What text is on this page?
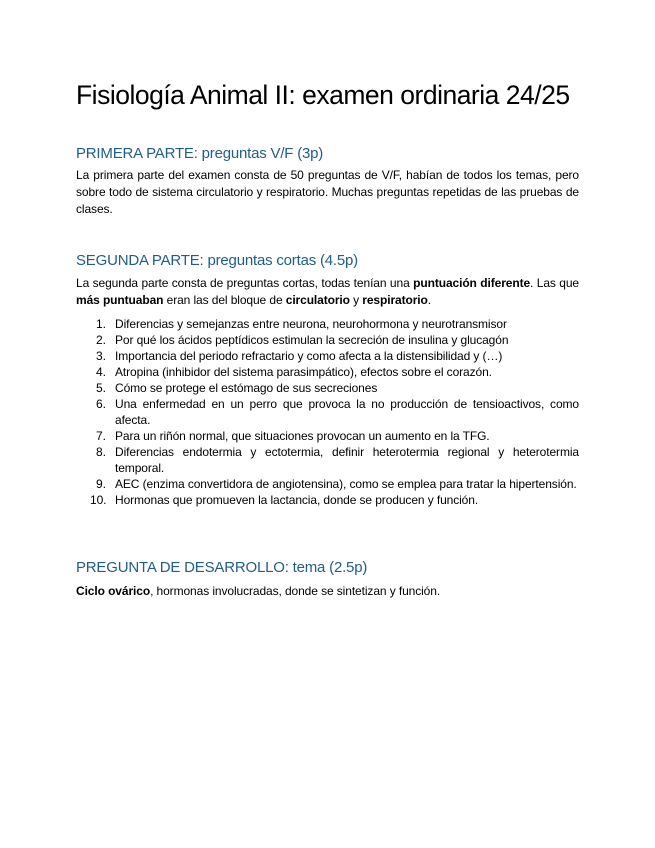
Fisiología Animal II: examen ordinaria 24/25
PRIMERA PARTE: preguntas V/F (3p)

La primera parte del examen consta de 50 preguntas de V/F, habían de todos los temas, pero sobre todo de sistema circulatorio y respiratorio. Muchas preguntas repetidas de las pruebas de clases.

SEGUNDA PARTE: preguntas cortas (4.5p)

La segunda parte consta de preguntas cortas, todas tenían una puntuación diferente. Las que más puntuaban eran las del bloque de circulatorio y respiratorio.

1. Diferencias y semejanzas entre neurona, neurohormona y neurotransmisor
2. Por qué los ácidos peptídicos estimulan la secreción de insulina y glucagón
3. Importancia del periodo refractario y como afecta a la distensibilidad y (…)
4. Atropina (inhibidor del sistema parasimpático), efectos sobre el corazón.
5. Cómo se protege el estómago de sus secreciones
6. Una enfermedad en un perro que provoca la no producción de tensioactivos, como afecta.
7. Para un riñón normal, que situaciones provocan un aumento en la TFG.
8. Diferencias endotermia y ectotermia, definir heterotermia regional y heterotermia temporal.
9. AEC (enzima convertidora de angiotensina), como se emplea para tratar la hipertensión.
10. Hormonas que promueven la lactancia, donde se producen y función.
PREGUNTA DE DESARROLLO: tema (2.5p)

Ciclo ovárico, hormonas involucradas, donde se sintetizan y función.
